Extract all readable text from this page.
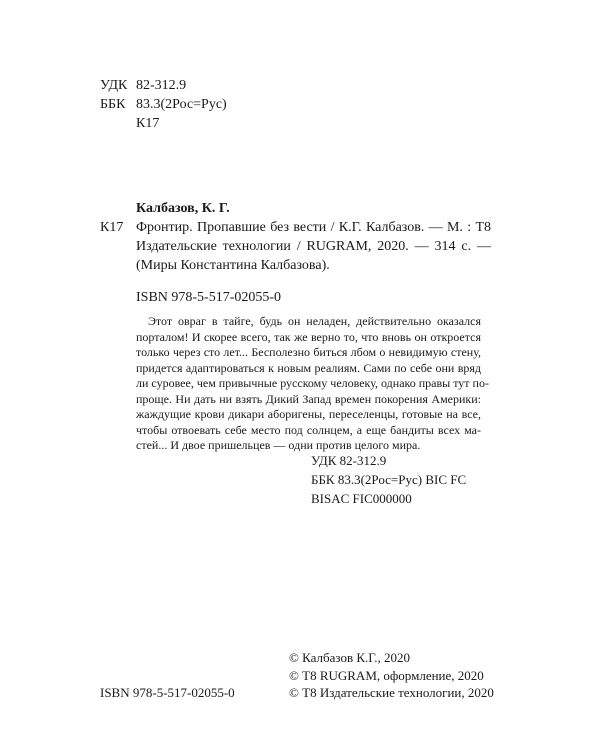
УДК 82-312.9
ББК 83.3(2Рос=Рус)
К17
К17
Калбазов, К. Г.
Фронтир. Пропавшие без вести / К.Г. Калбазов. — М. : Т8
Издательские технологии / RUGRAM, 2020. — 314 с. —
(Миры Константина Калбазова).
ISBN 978-5-517-02055-0
Этот овраг в тайге, будь он неладен, действительно оказался
порталом! И скорее всего, так же верно то, что вновь он откроется
только через сто лет... Бесполезно биться лбом о невидимую стену,
придется адаптироваться к новым реалиям. Сами по себе они вряд
ли суровее, чем привычные русскому человеку, однако правы тут по-
проще. Ни дать ни взять Дикий Запад времен покорения Америки:
жаждущие крови дикари аборигены, переселенцы, готовые на все,
чтобы отвоевать себе место под солнцем, а еще бандиты всех ма-
стей... И двое пришельцев — одни против целого мира.
УДК 82-312.9
ББК 83.3(2Рос=Рус) BIC FC
BISAC FIC000000
© Калбазов К.Г., 2020
© Т8 RUGRAM, оформление, 2020
© Т8 Издательские технологии, 2020
ISBN 978-5-517-02055-0
